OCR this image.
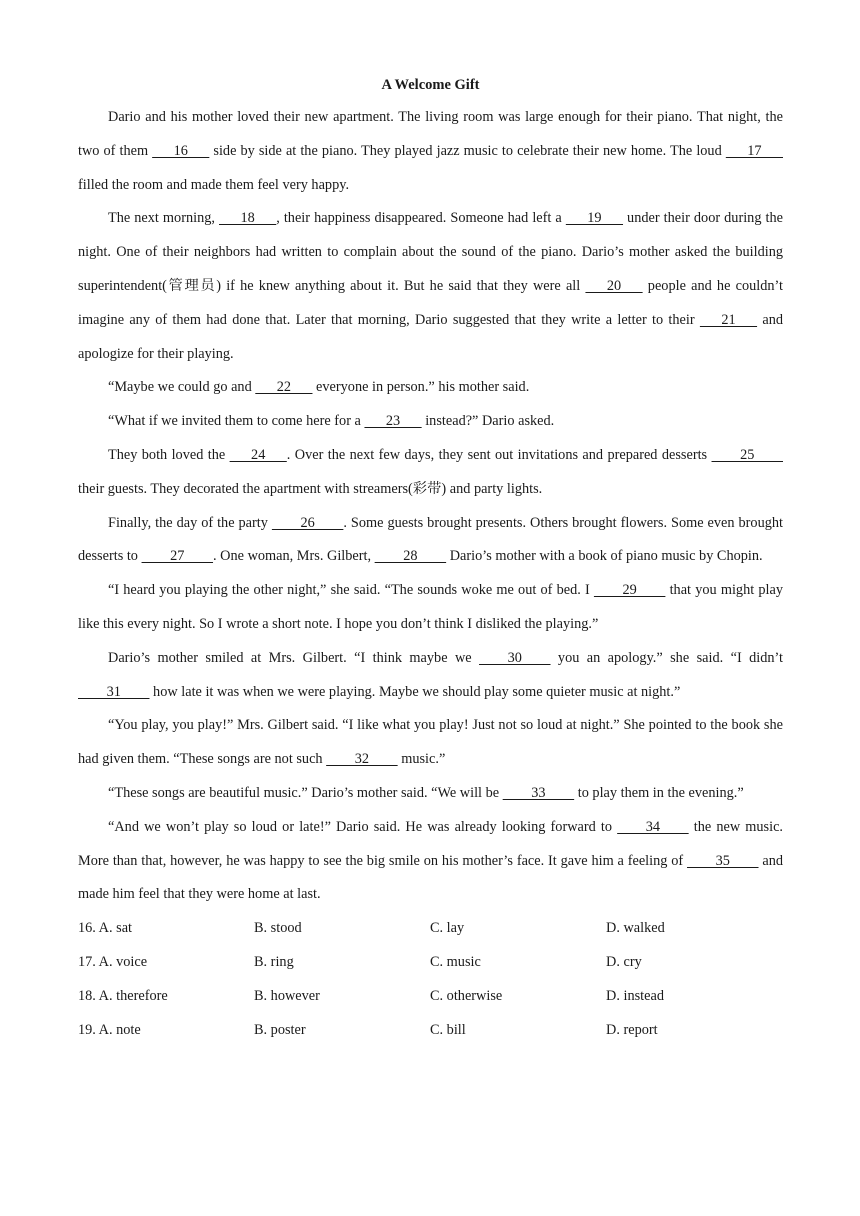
A Welcome Gift

Dario and his mother loved their new apartment. The living room was large enough for their piano. That night, the two of them    16    side by side at the piano. They played jazz music to celebrate their new home. The loud    17    filled the room and made them feel very happy.

The next morning,    18   , their happiness disappeared. Someone had left a    19    under their door during the night. One of their neighbors had written to complain about the sound of the piano. Dario’s mother asked the building superintendent(管理员) if he knew anything about it. But he said that they were all    20    people and he couldn’t imagine any of them had done that. Later that morning, Dario suggested that they write a letter to their    21    and apologize for their playing.

“Maybe we could go and    22    everyone in person.” his mother said.

“What if we invited them to come here for a    23    instead?” Dario asked.

They both loved the    24   . Over the next few days, they sent out invitations and prepared desserts     25     their guests. They decorated the apartment with streamers(彩带) and party lights.

Finally, the day of the party     26    . Some guests brought presents. Others brought flowers. Some even brought desserts to     27    . One woman, Mrs. Gilbert,     28     Dario’s mother with a book of piano music by Chopin.

“I heard you playing the other night,” she said. “The sounds woke me out of bed. I     29     that you might play like this every night. So I wrote a short note. I hope you don’t think I disliked the playing.”

Dario’s mother smiled at Mrs. Gilbert. “I think maybe we     30     you an apology.” she said. “I didn’t     31     how late it was when we were playing. Maybe we should play some quieter music at night.”

“You play, you play!” Mrs. Gilbert said. “I like what you play! Just not so loud at night.” She pointed to the book she had given them. “These songs are not such     32     music.”

“These songs are beautiful music.” Dario’s mother said. “We will be     33     to play them in the evening.”

“And we won’t play so loud or late!” Dario said. He was already looking forward to     34     the new music. More than that, however, he was happy to see the big smile on his mother’s face. It gave him a feeling of     35     and made him feel that they were home at last.

16. A. sat	B. stood	C. lay	D. walked
17. A. voice	B. ring	C. music	D. cry
18. A. therefore	B. however	C. otherwise	D. instead
19. A. note	B. poster	C. bill	D. report
